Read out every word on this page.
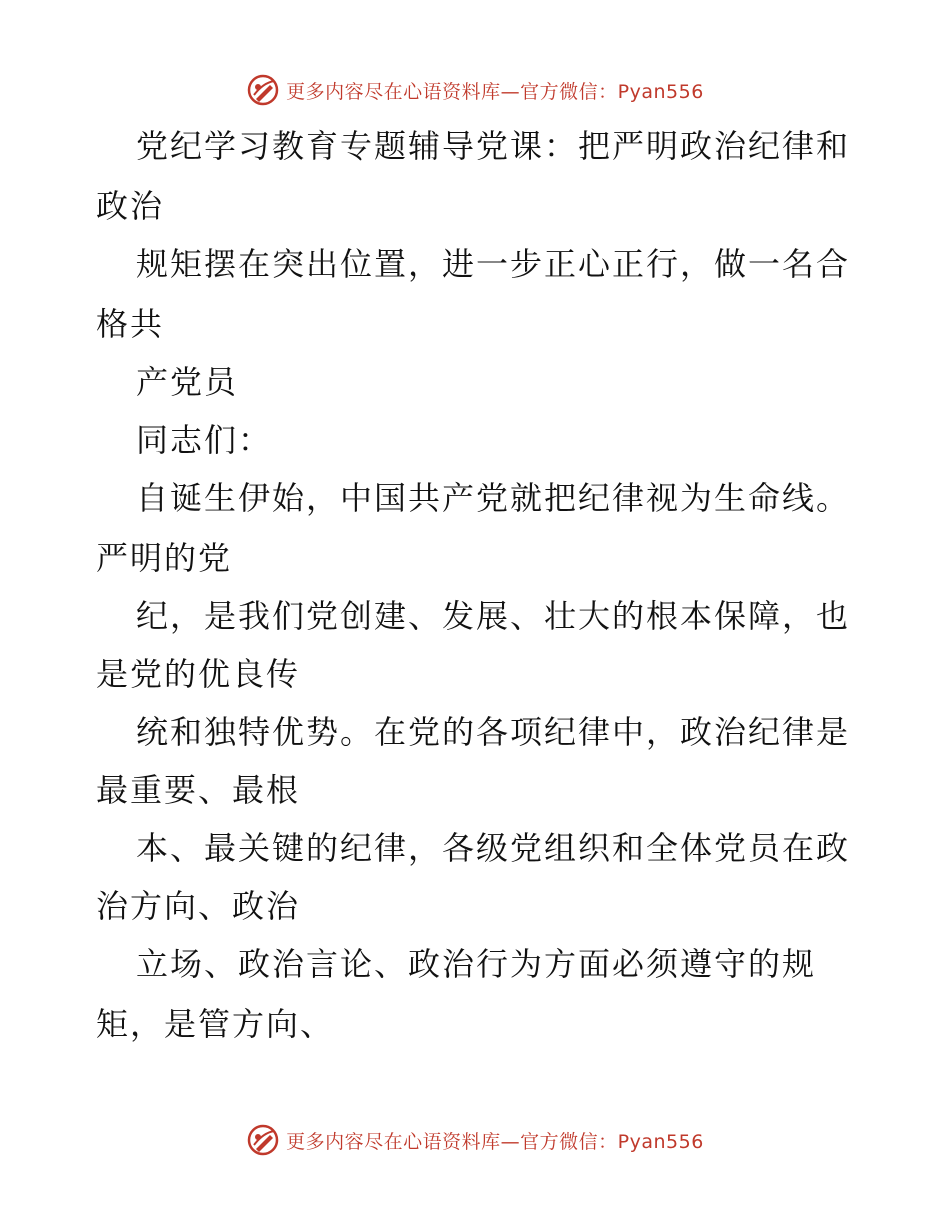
更多内容尽在心语资料库—官方微信：Pyan556
党纪学习教育专题辅导党课：把严明政治纪律和
政治
规矩摆在突出位置，进一步正心正行，做一名合
格共
产党员
同志们：
自诞生伊始，中国共产党就把纪律视为生命线。
严明的党
纪，是我们党创建、发展、壮大的根本保障，也
是党的优良传
统和独特优势。在党的各项纪律中，政治纪律是
最重要、最根
本、最关键的纪律，各级党组织和全体党员在政
治方向、政治
立场、政治言论、政治行为方面必须遵守的规
矩，是管方向、
更多内容尽在心语资料库—官方微信：Pyan556
